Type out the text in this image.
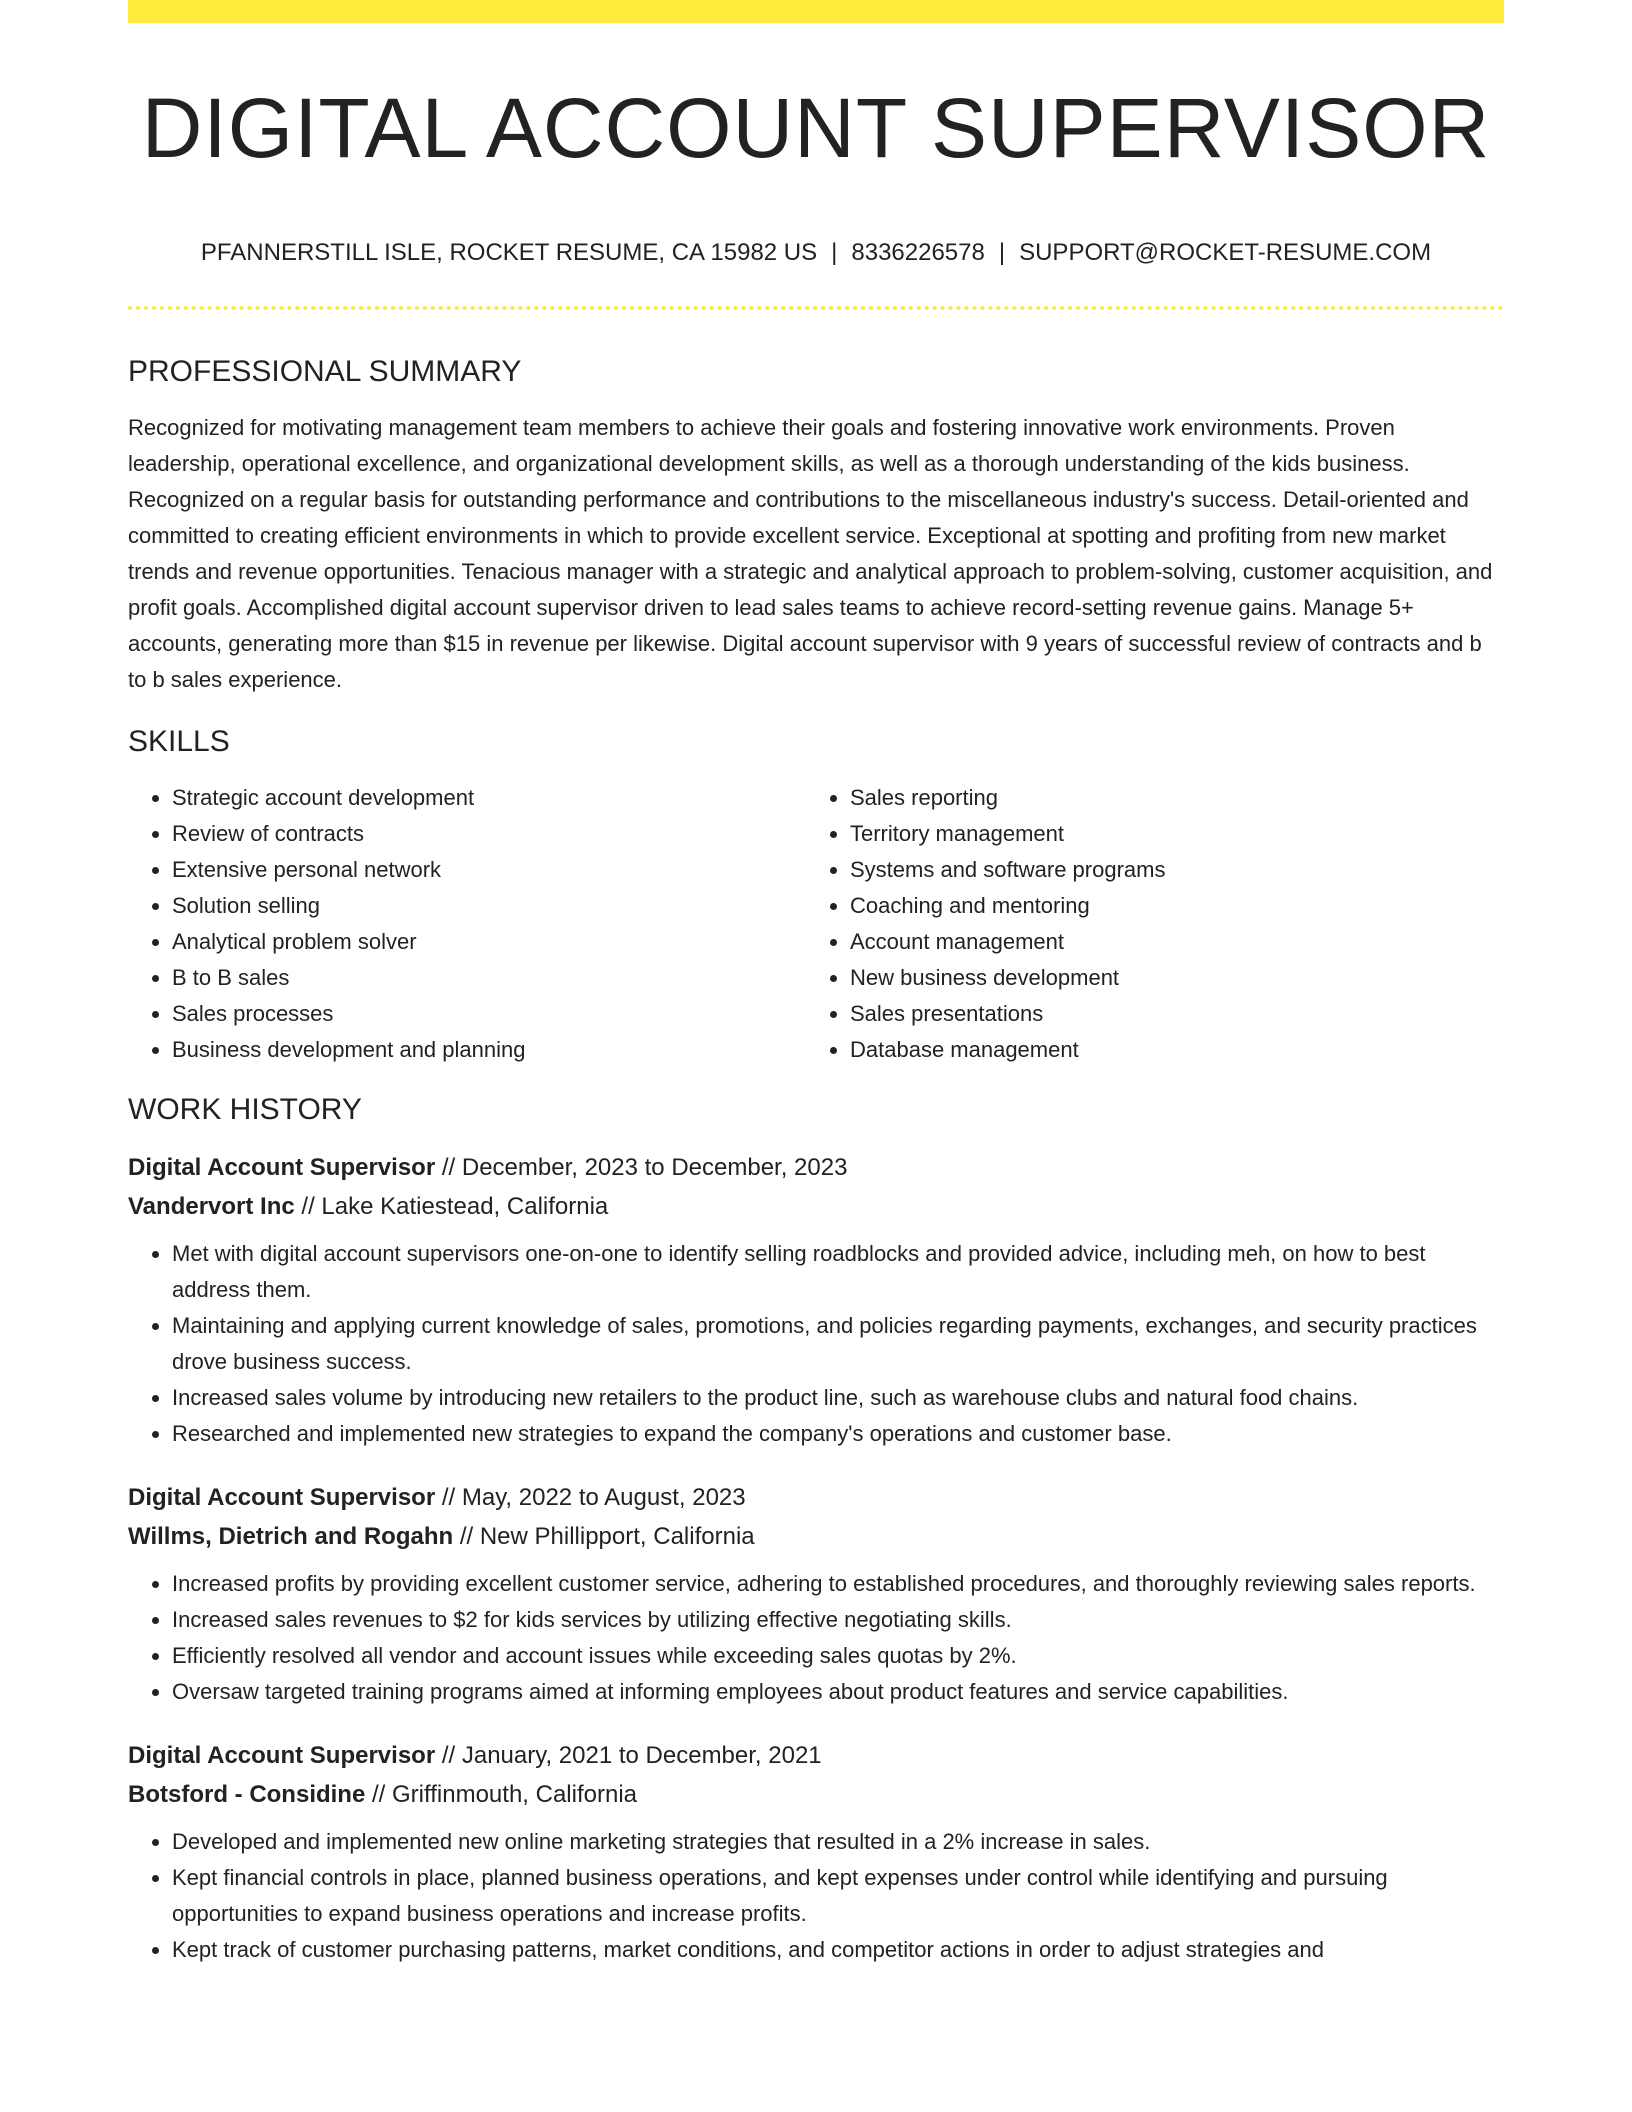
DIGITAL ACCOUNT SUPERVISOR
PFANNERSTILL ISLE, ROCKET RESUME, CA 15982 US | 8336226578 | SUPPORT@ROCKET-RESUME.COM
PROFESSIONAL SUMMARY

Recognized for motivating management team members to achieve their goals and fostering innovative work environments. Proven leadership, operational excellence, and organizational development skills, as well as a thorough understanding of the kids business. Recognized on a regular basis for outstanding performance and contributions to the miscellaneous industry's success. Detail-oriented and committed to creating efficient environments in which to provide excellent service. Exceptional at spotting and profiting from new market trends and revenue opportunities. Tenacious manager with a strategic and analytical approach to problem-solving, customer acquisition, and profit goals. Accomplished digital account supervisor driven to lead sales teams to achieve record-setting revenue gains. Manage 5+ accounts, generating more than $15 in revenue per likewise. Digital account supervisor with 9 years of successful review of contracts and b to b sales experience.

SKILLS
• Strategic account development
• Review of contracts
• Extensive personal network
• Solution selling
• Analytical problem solver
• B to B sales
• Sales processes
• Business development and planning
• Sales reporting
• Territory management
• Systems and software programs
• Coaching and mentoring
• Account management
• New business development
• Sales presentations
• Database management
WORK HISTORY
Digital Account Supervisor // December, 2023 to December, 2023
Vandervort Inc // Lake Katiestead, California
• Met with digital account supervisors one-on-one to identify selling roadblocks and provided advice, including meh, on how to best address them.
• Maintaining and applying current knowledge of sales, promotions, and policies regarding payments, exchanges, and security practices drove business success.
• Increased sales volume by introducing new retailers to the product line, such as warehouse clubs and natural food chains.
• Researched and implemented new strategies to expand the company's operations and customer base.
Digital Account Supervisor // May, 2022 to August, 2023
Willms, Dietrich and Rogahn // New Phillipport, California
• Increased profits by providing excellent customer service, adhering to established procedures, and thoroughly reviewing sales reports.
• Increased sales revenues to $2 for kids services by utilizing effective negotiating skills.
• Efficiently resolved all vendor and account issues while exceeding sales quotas by 2%.
• Oversaw targeted training programs aimed at informing employees about product features and service capabilities.
Digital Account Supervisor // January, 2021 to December, 2021
Botsford - Considine // Griffinmouth, California
• Developed and implemented new online marketing strategies that resulted in a 2% increase in sales.
• Kept financial controls in place, planned business operations, and kept expenses under control while identifying and pursuing opportunities to expand business operations and increase profits.
• Kept track of customer purchasing patterns, market conditions, and competitor actions in order to adjust strategies and
